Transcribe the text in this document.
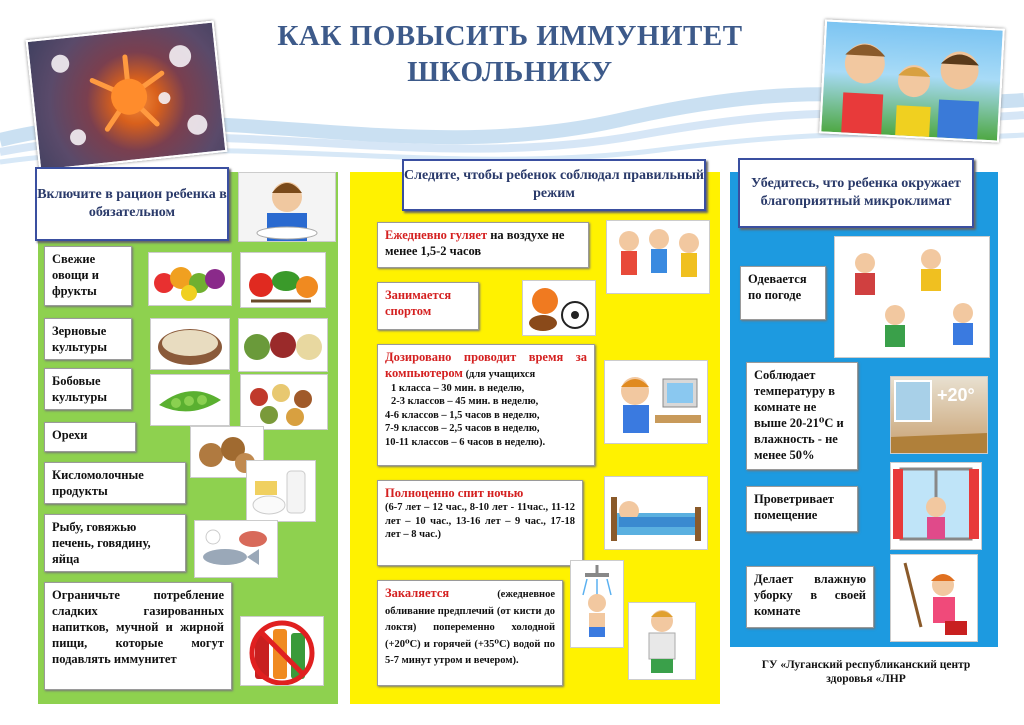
КАК ПОВЫСИТЬ ИММУНИТЕТ
ШКОЛЬНИКУ
Включите в рацион ребенка в обязательном
Свежие овощи и фрукты
Зерновые культуры
Бобовые культуры
Орехи
Кисломолочные продукты
Рыбу, говяжью печень, говядину, яйца
Ограничьте потребление сладких газированных напитков, мучной и жирной пищи, которые могут подавлять иммунитет
Следите, чтобы ребенок соблюдал правильный режим
Ежедневно гуляет на воздухе не менее 1,5-2 часов
Занимается спортом
Дозировано проводит время за компьютером (для учащихся
1 класса – 30 мин. в неделю,
2-3 классов – 45 мин. в неделю,
4-6 классов – 1,5 часов в неделю,
7-9 классов – 2,5 часов в неделю,
10-11 классов – 6 часов в неделю).
Полноценно спит ночью
(6-7 лет – 12 час., 8-10 лет - 11час., 11-12 лет – 10 час., 13-16 лет – 9 час., 17-18 лет – 8 час.)
Закаляется (ежедневное обливание предплечий (от кисти до локтя) попеременно холодной (+20⁰С) и горячей (+35⁰С) водой по 5-7 минут утром и вечером).
Убедитесь, что ребенка окружает благоприятный микроклимат
Одевается по погоде
Соблюдает температуру в комнате не выше 20-21⁰С и влажность - не менее 50%
+20°
Проветривает помещение
Делает влажную уборку в своей комнате
ГУ «Луганский республиканский центр здоровья «ЛНР
